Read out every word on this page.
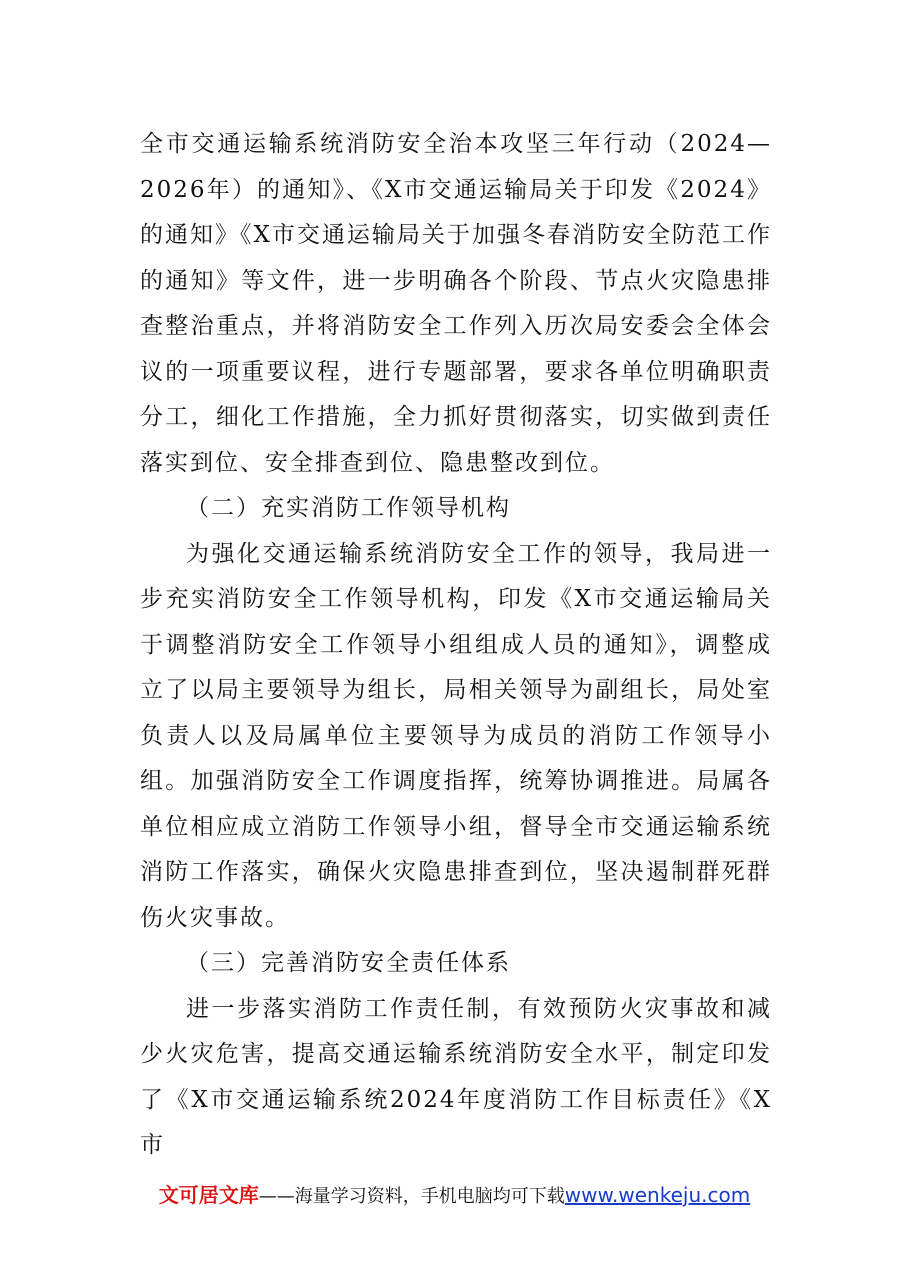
全市交通运输系统消防安全治本攻坚三年行动（2024—2026年）的通知》、《X市交通运输局关于印发《2024》的通知》《X市交通运输局关于加强冬春消防安全防范工作的通知》等文件，进一步明确各个阶段、节点火灾隐患排查整治重点，并将消防安全工作列入历次局安委会全体会议的一项重要议程，进行专题部署，要求各单位明确职责分工，细化工作措施，全力抓好贯彻落实，切实做到责任落实到位、安全排查到位、隐患整改到位。

（二）充实消防工作领导机构

为强化交通运输系统消防安全工作的领导，我局进一步充实消防安全工作领导机构，印发《X市交通运输局关于调整消防安全工作领导小组组成人员的通知》，调整成立了以局主要领导为组长，局相关领导为副组长，局处室负责人以及局属单位主要领导为成员的消防工作领导小组。加强消防安全工作调度指挥，统筹协调推进。局属各单位相应成立消防工作领导小组，督导全市交通运输系统消防工作落实，确保火灾隐患排查到位，坚决遏制群死群伤火灾事故。

（三）完善消防安全责任体系

进一步落实消防工作责任制，有效预防火灾事故和减少火灾危害，提高交通运输系统消防安全水平，制定印发了《X市交通运输系统2024年度消防工作目标责任》《X市

文可居文库——海量学习资料，手机电脑均可下载www.wenkeju.com
